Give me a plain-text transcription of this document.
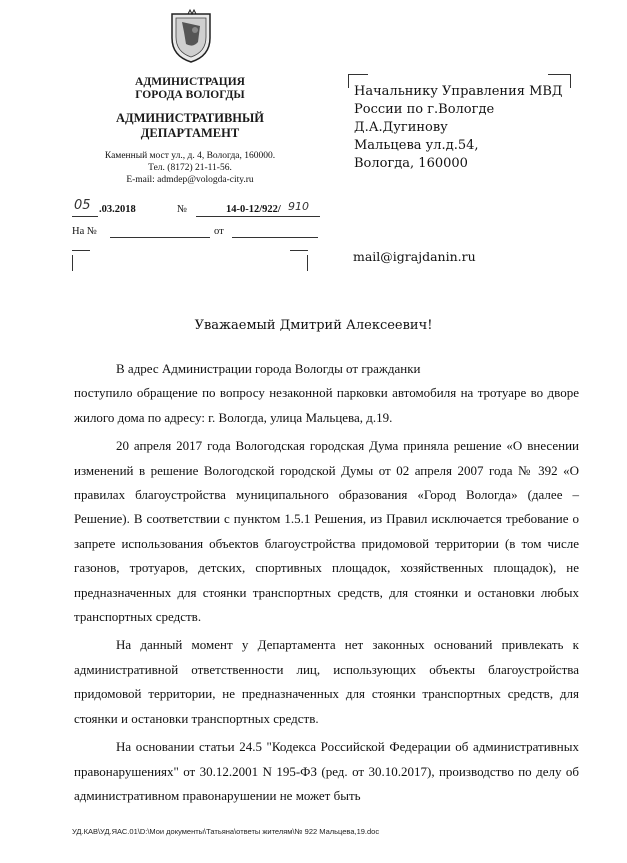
АДМИНИСТРАЦИЯ
ГОРОДА ВОЛОГДЫ
АДМИНИСТРАТИВНЫЙ
ДЕПАРТАМЕНТ
Каменный мост ул., д. 4, Вологда, 160000.
Тел. (8172) 21-11-56.
E-mail: admdep@vologda-city.ru
05 .03.2018	№	14-0-12/922/ 910
На №	от
Начальнику Управления МВД
России по г.Вологде
Д.А.Дугинову
Мальцева ул.д.54,
Вологда, 160000
mail@igrajdanin.ru
Уважаемый Дмитрий Алексеевич!

В адрес Администрации города Вологды от гражданки

поступило обращение по вопросу незаконной парковки автомобиля на тротуаре во дворе жилого дома по адресу: г. Вологда, улица Мальцева, д.19.

20 апреля 2017 года Вологодская городская Дума приняла решение «О внесении изменений в решение Вологодской городской Думы от 02 апреля 2007 года № 392 «О правилах благоустройства муниципального образования «Город Вологда» (далее – Решение). В соответствии с пунктом 1.5.1 Решения, из Правил исключается требование о запрете использования объектов благоустройства придомовой территории (в том числе газонов, тротуаров, детских, спортивных площадок, хозяйственных площадок), не предназначенных для стоянки транспортных средств, для стоянки и остановки любых транспортных средств.

На данный момент у Департамента нет законных оснований привлекать к административной ответственности лиц, использующих объекты благоустройства придомовой территории, не предназначенных для стоянки транспортных средств, для стоянки и остановки транспортных средств.

На основании статьи 24.5 "Кодекса Российской Федерации об административных правонарушениях" от 30.12.2001 N 195-ФЗ (ред. от 30.10.2017), производство по делу об административном правонарушении не может быть

УД.КАВ\УД.ЯАС.01\D:\Мои документы\Татьяна\ответы жителям\№ 922 Мальцева,19.doc
